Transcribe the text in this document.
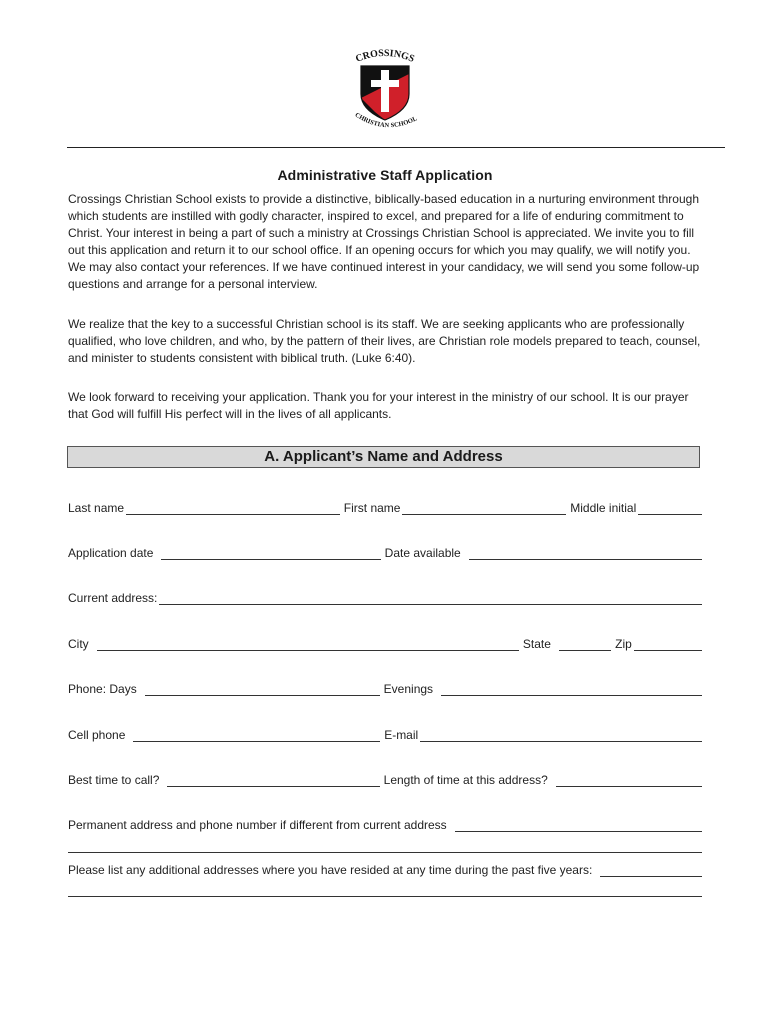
CROSSINGS
CHRISTIAN SCHOOL
Administrative Staff Application
Crossings Christian School exists to provide a distinctive, biblically-based education in a nurturing environment through which students are instilled with godly character, inspired to excel, and prepared for a life of enduring commitment to Christ. Your interest in being a part of such a ministry at Crossings Christian School is appreciated. We invite you to fill out this application and return it to our school office. If an opening occurs for which you may qualify, we will notify you. We may also contact your references. If we have continued interest in your candidacy, we will send you some follow-up questions and arrange for a personal interview.
We realize that the key to a successful Christian school is its staff. We are seeking applicants who are professionally qualified, who love children, and who, by the pattern of their lives, are Christian role models prepared to teach, counsel, and minister to students consistent with biblical truth. (Luke 6:40).
We look forward to receiving your application. Thank you for your interest in the ministry of our school. It is our prayer that God will fulfill His perfect will in the lives of all applicants.
A. Applicant’s Name and Address
Last name	First name	Middle initial
Application date	Date available
Current address:
City	State	Zip
Phone: Days	Evenings
Cell phone	E-mail
Best time to call?	Length of time at this address?
Permanent address and phone number if different from current address
Please list any additional addresses where you have resided at any time during the past five years:
